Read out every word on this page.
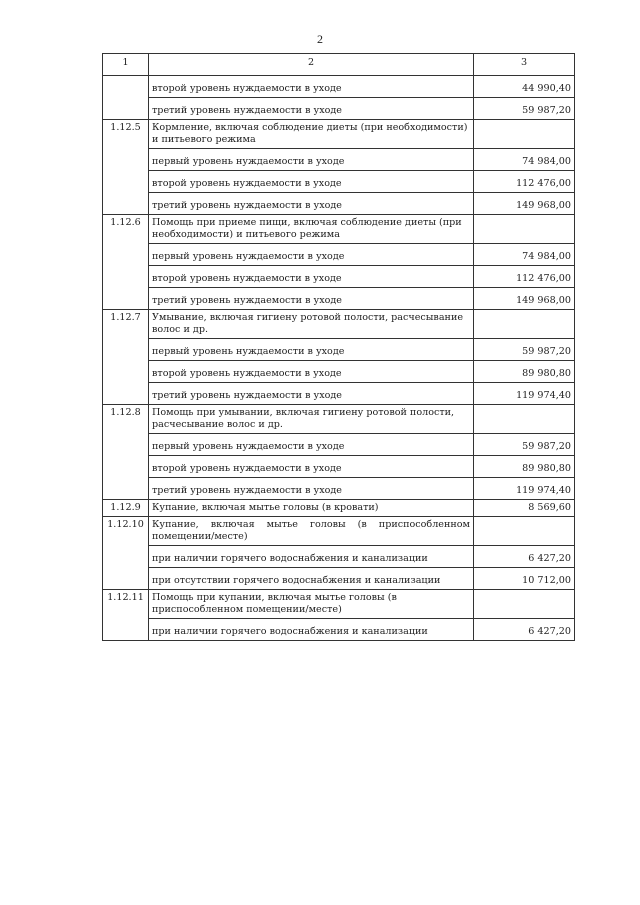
2
1	2	3
	второй уровень нуждаемости в уходе	44 990,40
	третий уровень нуждаемости в уходе	59 987,20
1.12.5	Кормление, включая соблюдение диеты (при необходимости) и питьевого режима	
	первый уровень нуждаемости в уходе	74 984,00
	второй уровень нуждаемости в уходе	112 476,00
	третий уровень нуждаемости в уходе	149 968,00
1.12.6	Помощь при приеме пищи, включая соблюдение диеты (при необходимости) и питьевого режима	
	первый уровень нуждаемости в уходе	74 984,00
	второй уровень нуждаемости в уходе	112 476,00
	третий уровень нуждаемости в уходе	149 968,00
1.12.7	Умывание, включая гигиену ротовой полости, расчесывание волос и др.	
	первый уровень нуждаемости в уходе	59 987,20
	второй уровень нуждаемости в уходе	89 980,80
	третий уровень нуждаемости в уходе	119 974,40
1.12.8	Помощь при умывании, включая гигиену ротовой полости, расчесывание волос и др.	
	первый уровень нуждаемости в уходе	59 987,20
	второй уровень нуждаемости в уходе	89 980,80
	третий уровень нуждаемости в уходе	119 974,40
1.12.9	Купание, включая мытье головы (в кровати)	8 569,60
1.12.10	Купание, включая мытье головы (в приспособленном помещении/месте)	
	при наличии горячего водоснабжения и канализации	6 427,20
	при отсутствии горячего водоснабжения и канализации	10 712,00
1.12.11	Помощь при купании, включая мытье головы (в приспособленном помещении/месте)	
	при наличии горячего водоснабжения и канализации	6 427,20
